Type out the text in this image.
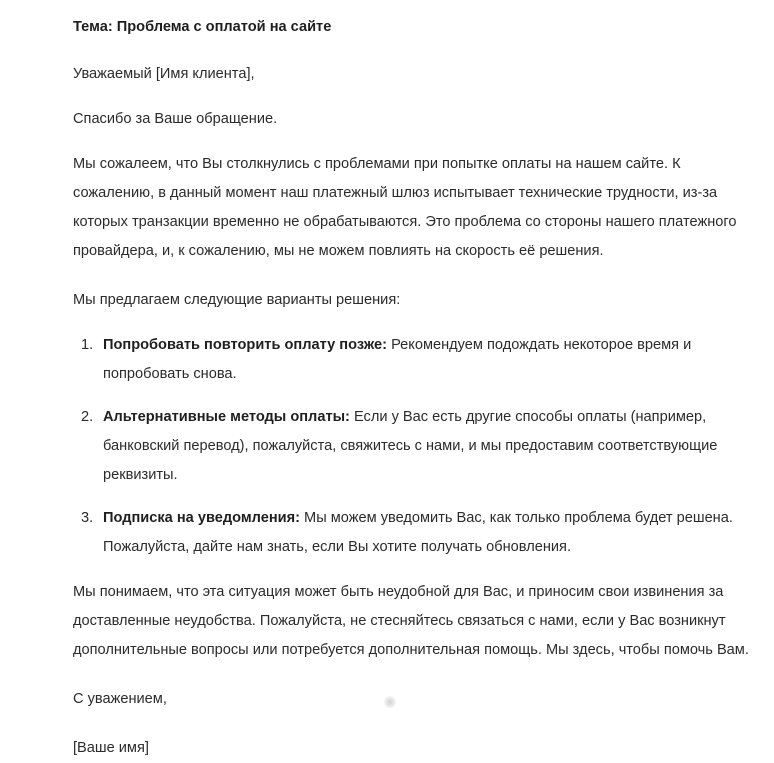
Тема: Проблема с оплатой на сайте

Уважаемый [Имя клиента],

Спасибо за Ваше обращение.

Мы сожалеем, что Вы столкнулись с проблемами при попытке оплаты на нашем сайте. К сожалению, в данный момент наш платежный шлюз испытывает технические трудности, из-за которых транзакции временно не обрабатываются. Это проблема со стороны нашего платежного провайдера, и, к сожалению, мы не можем повлиять на скорость её решения.

Мы предлагаем следующие варианты решения:

1. Попробовать повторить оплату позже: Рекомендуем подождать некоторое время и попробовать снова.
2. Альтернативные методы оплаты: Если у Вас есть другие способы оплаты (например, банковский перевод), пожалуйста, свяжитесь с нами, и мы предоставим соответствующие реквизиты.
3. Подписка на уведомления: Мы можем уведомить Вас, как только проблема будет решена. Пожалуйста, дайте нам знать, если Вы хотите получать обновления.

Мы понимаем, что эта ситуация может быть неудобной для Вас, и приносим свои извинения за доставленные неудобства. Пожалуйста, не стесняйтесь связаться с нами, если у Вас возникнут дополнительные вопросы или потребуется дополнительная помощь. Мы здесь, чтобы помочь Вам.

С уважением,

[Ваше имя]
